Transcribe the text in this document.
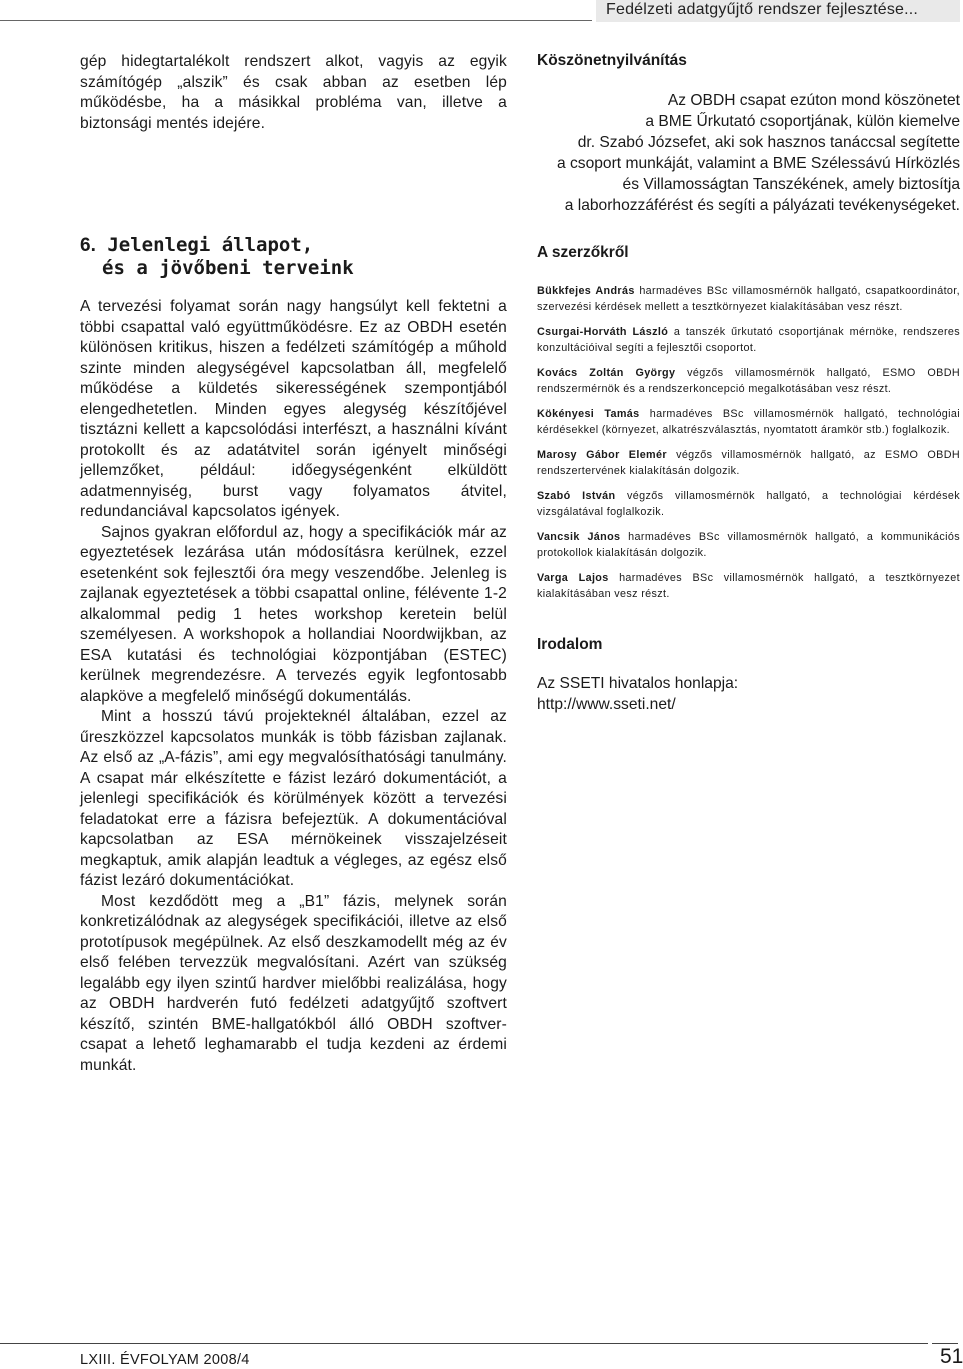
Fedélzeti adatgyűjtő rendszer fejlesztése...

gép hidegtartalékolt rendszert alkot, vagyis az egyik számítógép „alszik” és csak abban az esetben lép működésbe, ha a másikkal probléma van, illetve a biztonsági mentés idejére.

6. Jelenlegi állapot,
és a jövőbeni terveink

A tervezési folyamat során nagy hangsúlyt kell fektetni a többi csapattal való együttműködésre. Ez az OBDH esetén különösen kritikus, hiszen a fedélzeti számítógép a műhold szinte minden alegységével kapcsolatban áll, megfelelő működése a küldetés sikerességének szempontjából elengedhetetlen. Minden egyes alegység készítőjével tisztázni kellett a kapcsolódási interfészt, a használni kívánt protokollt és az adatátvitel során igényelt minőségi jellemzőket, például: időegységenként elküldött adatmennyiség, burst vagy folyamatos átvitel, redundanciával kapcsolatos igények.

Sajnos gyakran előfordul az, hogy a specifikációk már az egyeztetések lezárása után módosításra kerülnek, ezzel esetenként sok fejlesztői óra megy veszendőbe. Jelenleg is zajlanak egyeztetések a többi csapattal online, félévente 1-2 alkalommal pedig 1 hetes workshop keretein belül személyesen. A workshopok a hollandiai Noordwijkban, az ESA kutatási és technológiai központjában (ESTEC) kerülnek megrendezésre. A tervezés egyik legfontosabb alapköve a megfelelő minőségű dokumentálás.

Mint a hosszú távú projekteknél általában, ezzel az űreszközzel kapcsolatos munkák is több fázisban zajlanak. Az első az „A-fázis”, ami egy megvalósíthatósági tanulmány. A csapat már elkészítette e fázist lezáró dokumentációt, a jelenlegi specifikációk és körülmények között a tervezési feladatokat erre a fázisra befejeztük. A dokumentációval kapcsolatban az ESA mérnökeinek visszajelzéseit megkaptuk, amik alapján leadtuk a végleges, az egész első fázist lezáró dokumentációkat.

Most kezdődött meg a „B1” fázis, melynek során konkretizálódnak az alegységek specifikációi, illetve az első prototípusok megépülnek. Az első deszkamodellt még az év első felében tervezzük megvalósítani. Azért van szükség legalább egy ilyen szintű hardver mielőbbi realizálása, hogy az OBDH hardverén futó fedélzeti adatgyűjtő szoftvert készítő, szintén BME-hallgatókból álló OBDH szoftver-csapat a lehető leghamarabb el tudja kezdeni az érdemi munkát.

Köszönetnyilvánítás
Az OBDH csapat ezúton mond köszönetet
a BME Űrkutató csoportjának, külön kiemelve
dr. Szabó Józsefet, aki sok hasznos tanáccsal segítette
a csoport munkáját, valamint a BME Szélessávú Hírközlés
és Villamosságtan Tanszékének, amely biztosítja
a laborhozzáférést és segíti a pályázati tevékenységeket.
A szerzőkről

Bükkfejes András harmadéves BSc villamosmérnök hallgató, csapatkoordinátor, szervezési kérdések mellett a tesztkörnyezet kialakításában vesz részt.

Csurgai-Horváth László a tanszék űrkutató csoportjának mérnöke, rendszeres konzultációival segíti a fejlesztői csoportot.

Kovács Zoltán György végzős villamosmérnök hallgató, ESMO OBDH rendszermérnök és a rendszerkoncepció megalkotásában vesz részt.

Kökényesi Tamás harmadéves BSc villamosmérnök hallgató, technológiai kérdésekkel (környezet, alkatrészválasztás, nyomtatott áramkör stb.) foglalkozik.

Marosy Gábor Elemér végzős villamosmérnök hallgató, az ESMO OBDH rendszertervének kialakításán dolgozik.

Szabó István végzős villamosmérnök hallgató, a technológiai kérdések vizsgálatával foglalkozik.

Vancsik János harmadéves BSc villamosmérnök hallgató, a kommunikációs protokollok kialakításán dolgozik.

Varga Lajos harmadéves BSc villamosmérnök hallgató, a tesztkörnyezet kialakításában vesz részt.

Irodalom
Az SSETI hivatalos honlapja:
http://www.sseti.net/
LXIII. ÉVFOLYAM 2008/4	51
